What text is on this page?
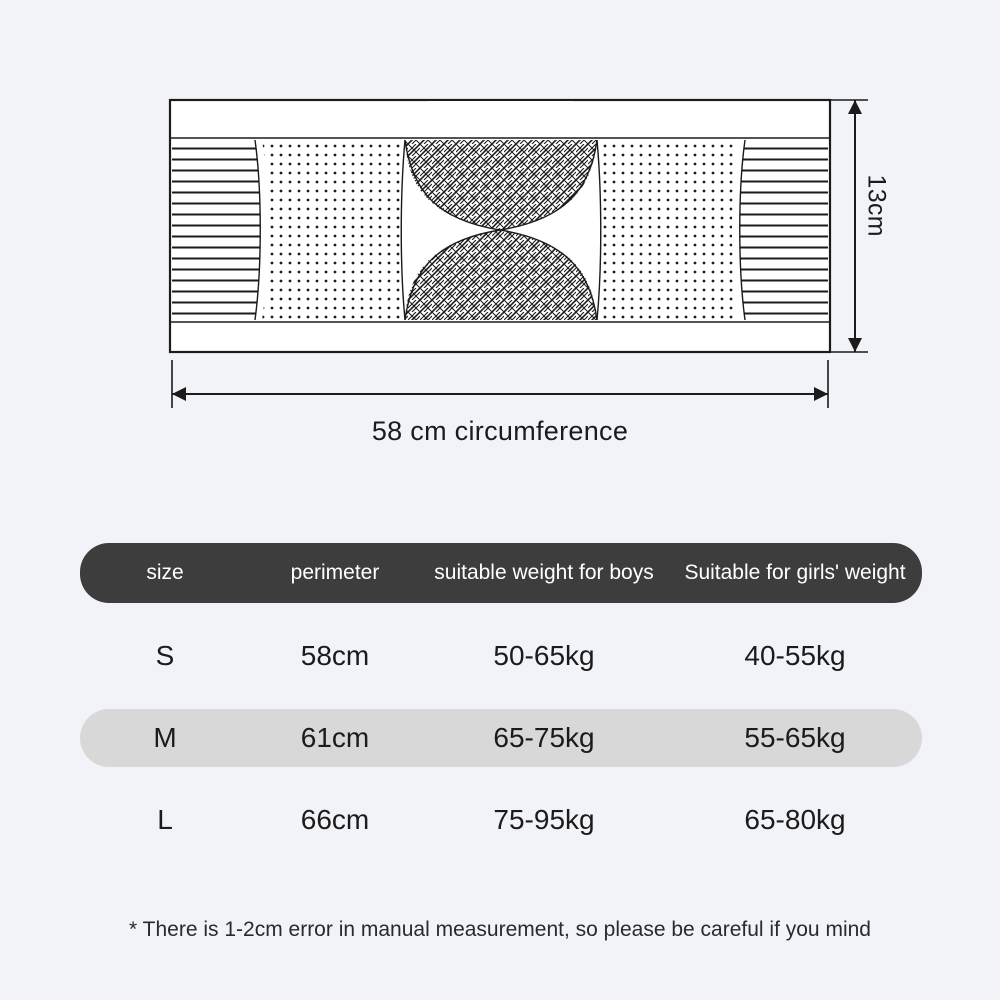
13cm
58 cm circumference
size	perimeter	suitable weight for boys	Suitable for girls' weight
S	58cm	50-65kg	40-55kg
M	61cm	65-75kg	55-65kg
L	66cm	75-95kg	65-80kg
* There is 1-2cm error in manual measurement, so please be careful if you mind
